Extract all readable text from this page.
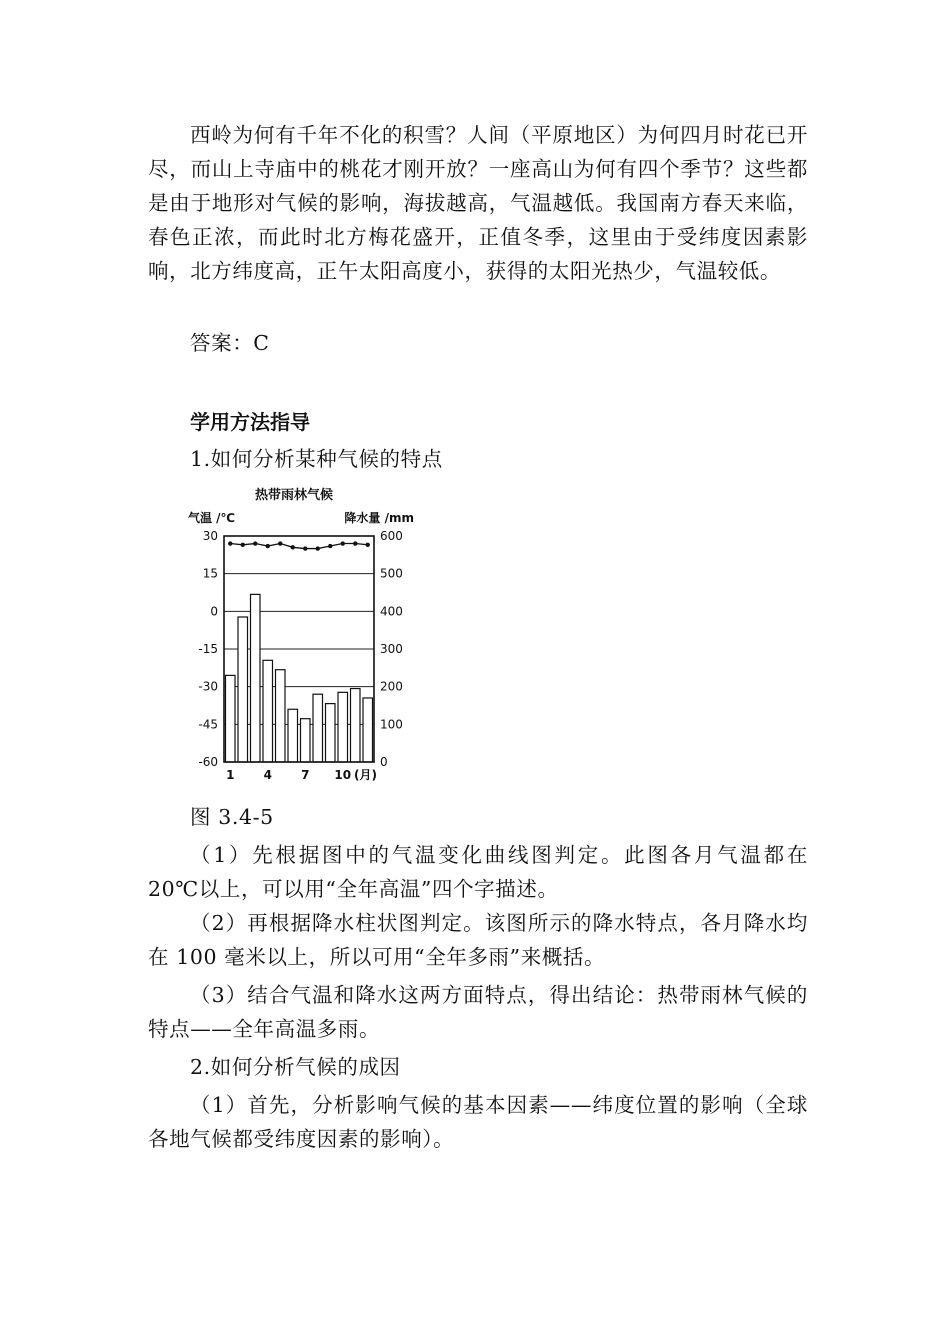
西岭为何有千年不化的积雪？人间（平原地区）为何四月时花已开尽，而山上寺庙中的桃花才刚开放？一座高山为何有四个季节？这些都是由于地形对气候的影响，海拔越高，气温越低。我国南方春天来临，春色正浓，而此时北方梅花盛开，正值冬季，这里由于受纬度因素影响，北方纬度高，正午太阳高度小，获得的太阳光热少，气温较低。

答案：C

学用方法指导

1.如何分析某种气候的特点

热带雨林气候
气温 /℃	降水量 /mm
30	600
15	500
0	400
-15	300
-30	200
-45	100
-60	0
1 4 7 10 (月)

图 3.4-5

（1）先根据图中的气温变化曲线图判定。此图各月气温都在 20℃以上，可以用“全年高温”四个字描述。

（2）再根据降水柱状图判定。该图所示的降水特点，各月降水均在 100 毫米以上，所以可用“全年多雨”来概括。

（3）结合气温和降水这两方面特点，得出结论：热带雨林气候的特点——全年高温多雨。

2.如何分析气候的成因

（1）首先，分析影响气候的基本因素——纬度位置的影响（全球各地气候都受纬度因素的影响）。
